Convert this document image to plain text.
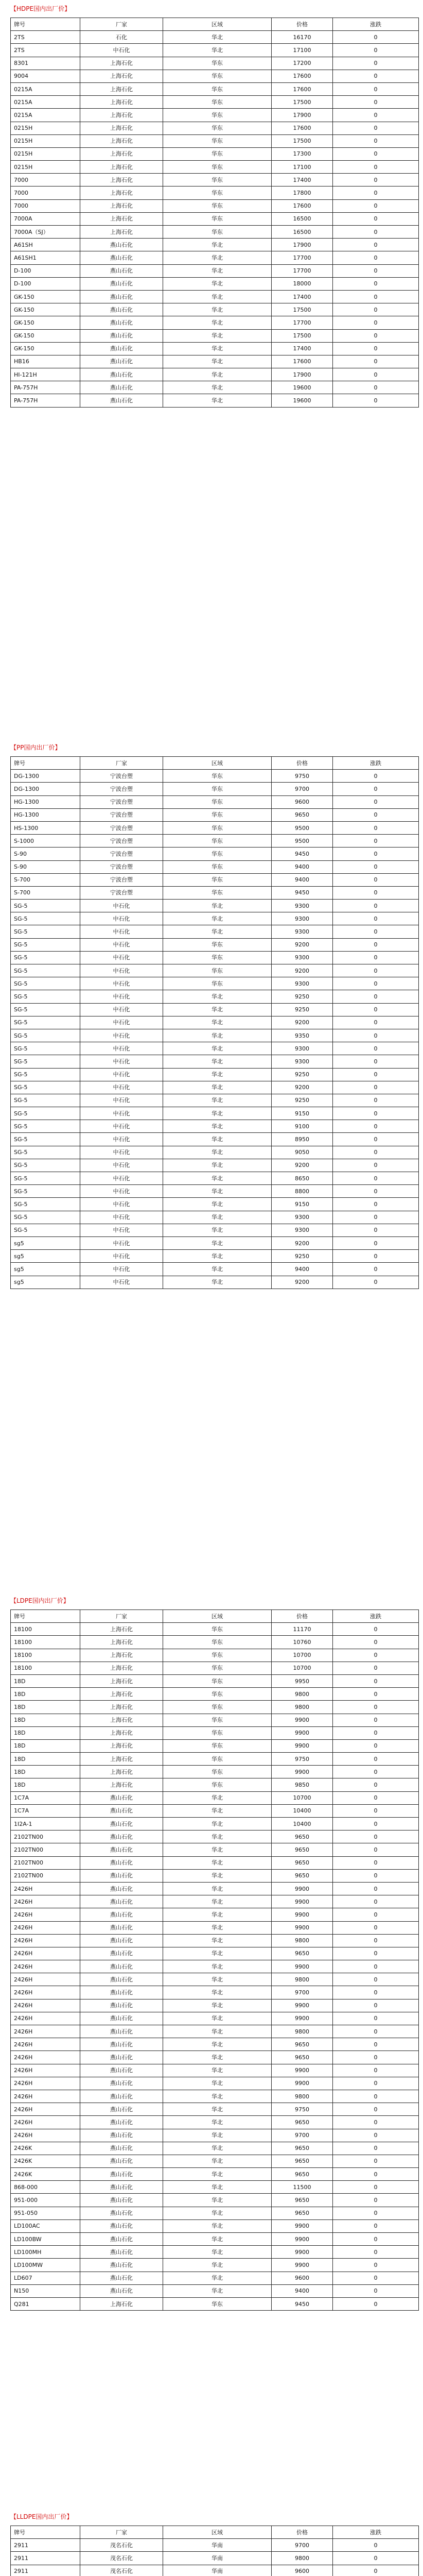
【HDPE国内出厂价】
牌号	厂家	区域	价格	涨跌
2TS	石化	华北	16170	0
2TS	中石化	华北	17100	0
8301	上海石化	华东	17200	0
9004	上海石化	华东	17600	0
0215A	上海石化	华东	17600	0
0215A	上海石化	华东	17500	0
0215A	上海石化	华东	17900	0
0215H	上海石化	华东	17600	0
0215H	上海石化	华东	17500	0
0215H	上海石化	华东	17300	0
0215H	上海石化	华东	17100	0
7000	上海石化	华东	17400	0
7000	上海石化	华东	17800	0
7000	上海石化	华东	17600	0
7000A	上海石化	华东	16500	0
7000A（SJ）	上海石化	华东	16500	0
A61SH	燕山石化	华北	17900	0
A61SH1	燕山石化	华北	17700	0
D-100	燕山石化	华北	17700	0
D-100	燕山石化	华北	18000	0
GK-150	燕山石化	华北	17400	0
GK-150	燕山石化	华北	17500	0
GK-150	燕山石化	华北	17700	0
GK-150	燕山石化	华北	17500	0
GK-150	燕山石化	华北	17400	0
HB16	燕山石化	华北	17600	0
HI-121H	燕山石化	华北	17900	0
PA-757H	燕山石化	华北	19600	0
PA-757H	燕山石化	华北	19600	0
【PP国内出厂价】
牌号	厂家	区域	价格	涨跌
DG-1300	宁波台塑	华东	9750	0
DG-1300	宁波台塑	华东	9700	0
HG-1300	宁波台塑	华东	9600	0
HG-1300	宁波台塑	华东	9650	0
HS-1300	宁波台塑	华东	9500	0
S-1000	宁波台塑	华东	9500	0
S-90	宁波台塑	华东	9450	0
S-90	宁波台塑	华东	9400	0
S-700	宁波台塑	华东	9400	0
S-700	宁波台塑	华东	9450	0
SG-5	中石化	华北	9300	0
SG-5	中石化	华北	9300	0
SG-5	中石化	华北	9300	0
SG-5	中石化	华东	9200	0
SG-5	中石化	华东	9300	0
SG-5	中石化	华东	9200	0
SG-5	中石化	华东	9300	0
SG-5	中石化	华北	9250	0
SG-5	中石化	华北	9250	0
SG-5	中石化	华北	9200	0
SG-5	中石化	华北	9350	0
SG-5	中石化	华北	9300	0
SG-5	中石化	华北	9300	0
SG-5	中石化	华北	9250	0
SG-5	中石化	华北	9200	0
SG-5	中石化	华北	9250	0
SG-5	中石化	华北	9150	0
SG-5	中石化	华北	9100	0
SG-5	中石化	华北	8950	0
SG-5	中石化	华北	9050	0
SG-5	中石化	华北	9200	0
SG-5	中石化	华北	8650	0
SG-5	中石化	华北	8800	0
SG-5	中石化	华北	9150	0
SG-5	中石化	华北	9300	0
SG-5	中石化	华北	9300	0
sg5	中石化	华北	9200	0
sg5	中石化	华北	9250	0
sg5	中石化	华北	9400	0
sg5	中石化	华北	9200	0
【LDPE国内出厂价】
牌号	厂家	区域	价格	涨跌
18100	上海石化	华东	11170	0
18100	上海石化	华东	10760	0
18100	上海石化	华东	10700	0
18100	上海石化	华东	10700	0
18D	上海石化	华东	9950	0
18D	上海石化	华东	9800	0
18D	上海石化	华东	9800	0
18D	上海石化	华东	9900	0
18D	上海石化	华东	9900	0
18D	上海石化	华东	9900	0
18D	上海石化	华东	9750	0
18D	上海石化	华东	9900	0
18D	上海石化	华东	9850	0
1C7A	燕山石化	华北	10700	0
1C7A	燕山石化	华北	10400	0
1I2A-1	燕山石化	华北	10400	0
2102TN00	燕山石化	华北	9650	0
2102TN00	燕山石化	华北	9650	0
2102TN00	燕山石化	华北	9650	0
2102TN00	燕山石化	华北	9650	0
2426H	燕山石化	华北	9900	0
2426H	燕山石化	华北	9900	0
2426H	燕山石化	华北	9900	0
2426H	燕山石化	华北	9900	0
2426H	燕山石化	华北	9800	0
2426H	燕山石化	华北	9650	0
2426H	燕山石化	华北	9900	0
2426H	燕山石化	华北	9800	0
2426H	燕山石化	华北	9700	0
2426H	燕山石化	华北	9900	0
2426H	燕山石化	华北	9900	0
2426H	燕山石化	华北	9800	0
2426H	燕山石化	华北	9650	0
2426H	燕山石化	华北	9650	0
2426H	燕山石化	华北	9900	0
2426H	燕山石化	华北	9900	0
2426H	燕山石化	华北	9800	0
2426H	燕山石化	华北	9750	0
2426H	燕山石化	华北	9650	0
2426H	燕山石化	华北	9700	0
2426K	燕山石化	华北	9650	0
2426K	燕山石化	华北	9650	0
2426K	燕山石化	华北	9650	0
868-000	燕山石化	华北	11500	0
951-000	燕山石化	华北	9650	0
951-050	燕山石化	华北	9650	0
LD100AC	燕山石化	华北	9900	0
LD100BW	燕山石化	华北	9900	0
LD100MH	燕山石化	华北	9900	0
LD100MW	燕山石化	华北	9900	0
LD607	燕山石化	华北	9600	0
N150	燕山石化	华北	9400	0
Q281	上海石化	华东	9450	0
【LLDPE国内出厂价】
牌号	厂家	区域	价格	涨跌
2911	茂名石化	华南	9700	0
2911	茂名石化	华南	9800	0
2911	茂名石化	华南	9600	0
